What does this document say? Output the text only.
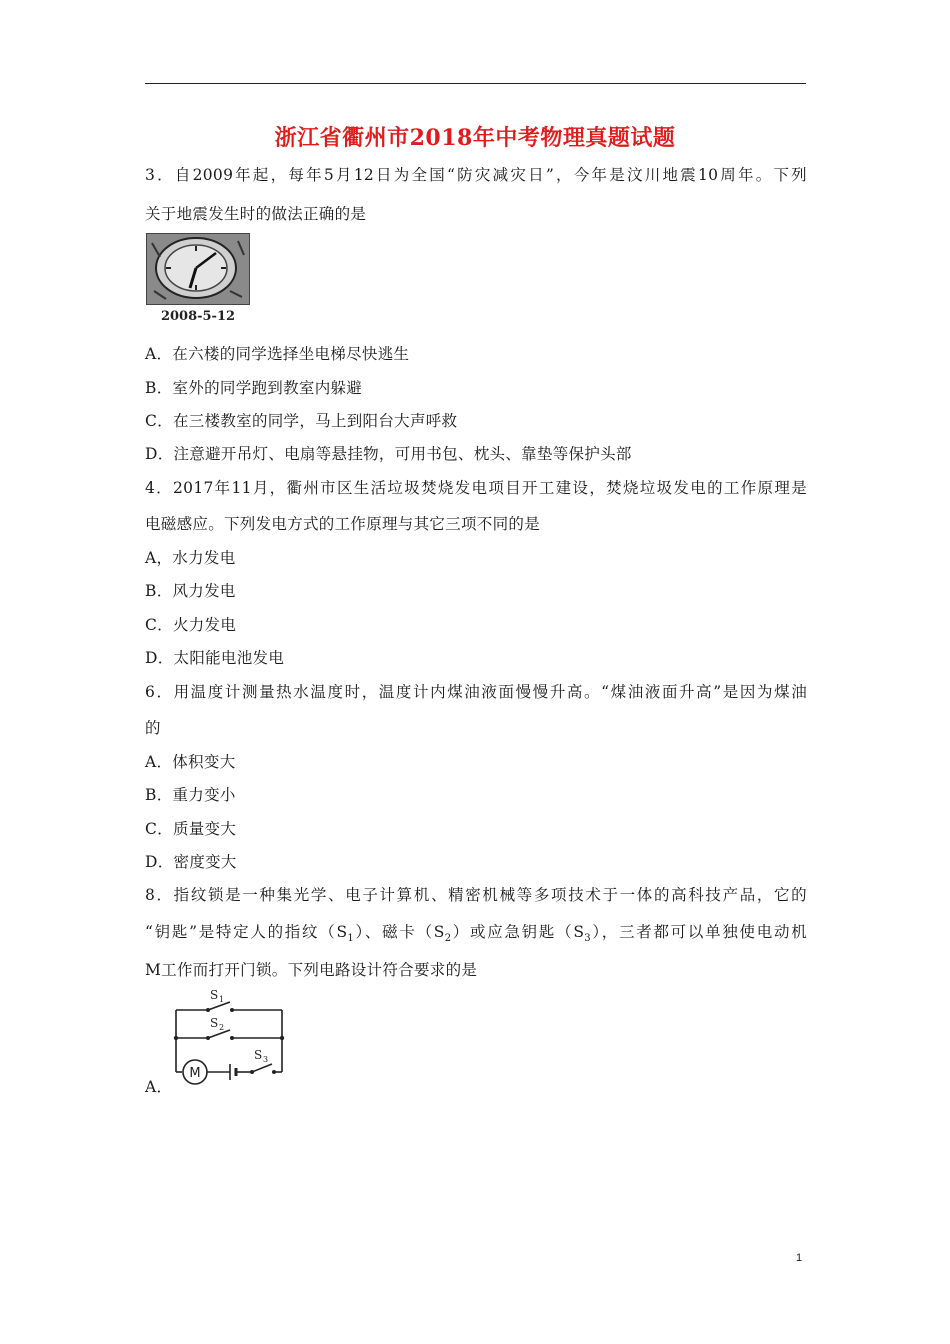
浙江省衢州市2018年中考物理真题试题
3．自2009年起，每年5月12日为全国“防灾减灾日”，今年是汶川地震10周年。下列
关于地震发生时的做法正确的是
2008-5-12
A．在六楼的同学选择坐电梯尽快逃生
B．室外的同学跑到教室内躲避
C．在三楼教室的同学，马上到阳台大声呼救
D．注意避开吊灯、电扇等悬挂物，可用书包、枕头、靠垫等保护头部
4．2017年11月，衢州市区生活垃圾焚烧发电项目开工建设，焚烧垃圾发电的工作原理是
电磁感应。下列发电方式的工作原理与其它三项不同的是
A，水力发电
B．风力发电
C．火力发电
D．太阳能电池发电
6．用温度计测量热水温度时，温度计内煤油液面慢慢升高。“煤油液面升高”是因为煤油
的
A．体积变大
B．重力变小
C．质量变大
D．密度变大
8．指纹锁是一种集光学、电子计算机、精密机械等多项技术于一体的高科技产品，它的
“钥匙”是特定人的指纹$(S_1)$、磁卡$(S_2)$或应急钥匙$(S_3)$，三者都可以单独使电动机
M工作而打开门锁。下列电路设计符合要求的是
M
S 1
S 2
S 3
A．
1
